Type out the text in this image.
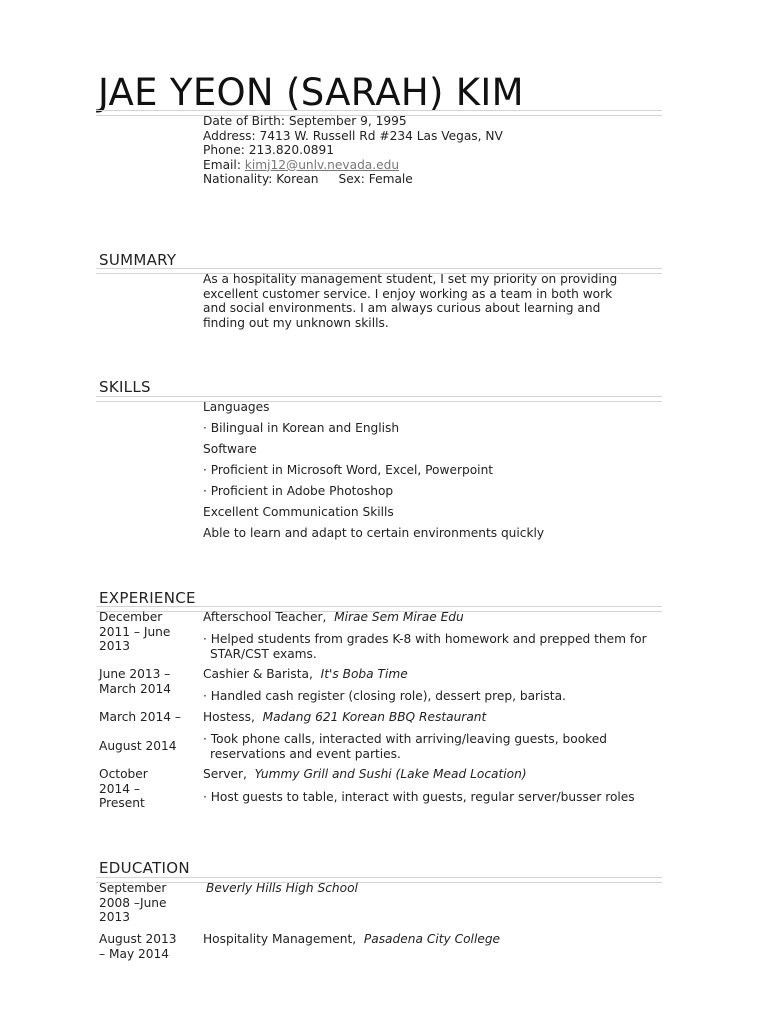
JAE YEON (SARAH) KIM
Date of Birth: September 9, 1995
Address: 7413 W. Russell Rd #234 Las Vegas, NV
Phone: 213.820.0891
Email: kimj12@unlv.nevada.edu
Nationality: Korean Sex: Female
SUMMARY

As a hospitality management student, I set my priority on providing excellent customer service. I enjoy working as a team in both work and social environments. I am always curious about learning and finding out my unknown skills.

SKILLS
Languages
· Bilingual in Korean and English
Software
· Proficient in Microsoft Word, Excel, Powerpoint
· Proficient in Adobe Photoshop
Excellent Communication Skills
Able to learn and adapt to certain environments quickly
EXPERIENCE
December
2011 – June
2013
Afterschool Teacher, Mirae Sem Mirae Edu
· Helped students from grades K-8 with homework and prepped them for
STAR/CST exams.
June 2013 –
March 2014
Cashier & Barista, It's Boba Time
· Handled cash register (closing role), dessert prep, barista.
March 2014 –
August 2014
Hostess, Madang 621 Korean BBQ Restaurant
· Took phone calls, interacted with arriving/leaving guests, booked
reservations and event parties.
October
2014 –
Present
Server, Yummy Grill and Sushi (Lake Mead Location)
· Host guests to table, interact with guests, regular server/busser roles
EDUCATION
September
2008 –June
2013
Beverly Hills High School
August 2013
– May 2014
Hospitality Management, Pasadena City College
